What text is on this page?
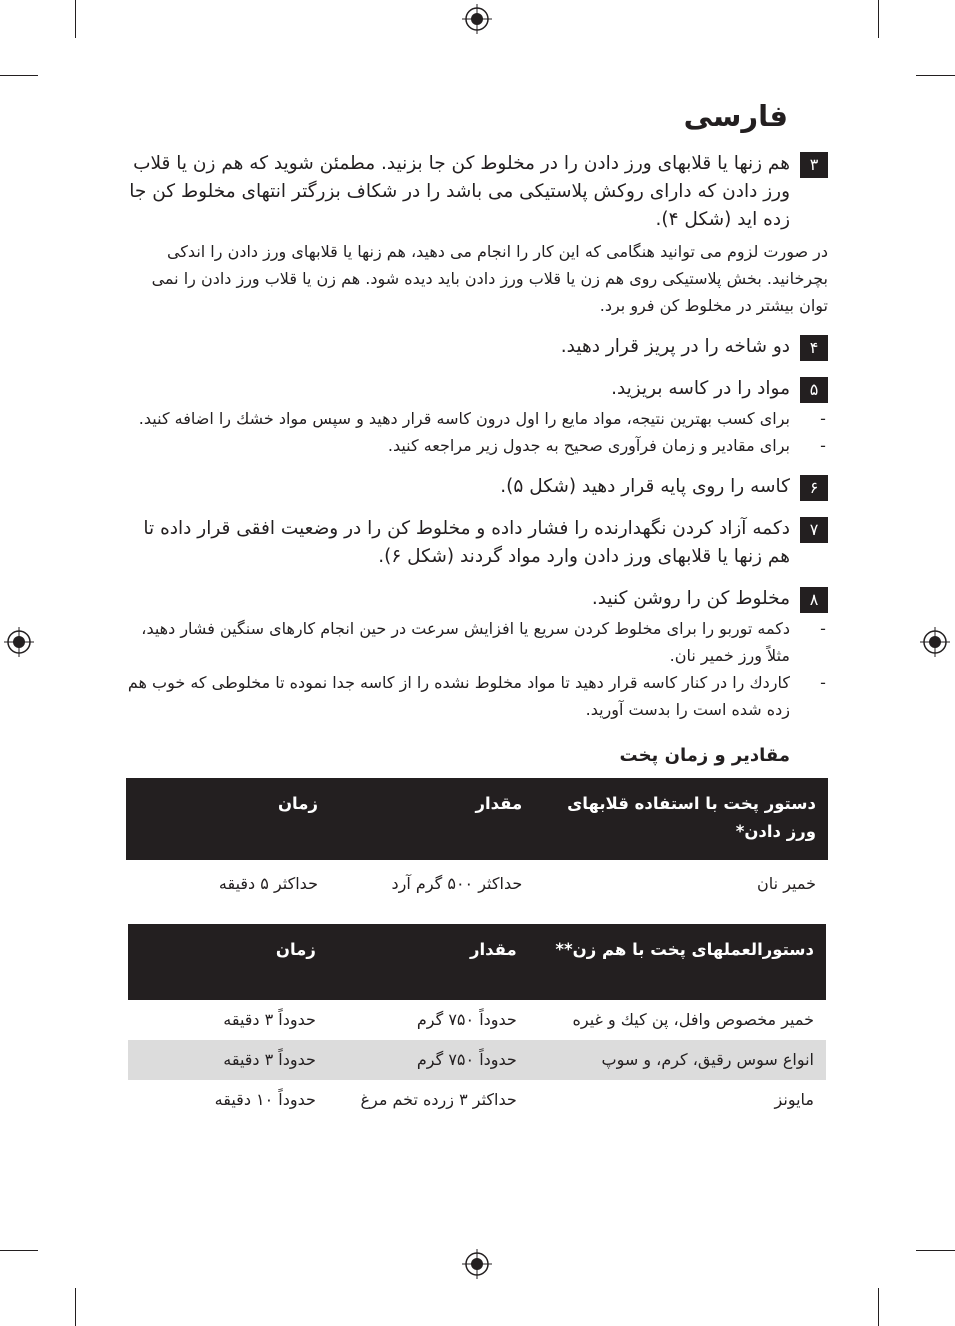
فارسی
۳
هم زنها یا قلابهای ورز دادن را در مخلوط کن جا بزنید. مطمئن شوید که هم زن یا قلاب ورز دادن که دارای روکش پلاستیکی می باشد را در شکاف بزرگتر انتهای مخلوط کن جا زده اید (شکل ۴).
در صورت لزوم می توانید هنگامی که این کار را انجام می دهید، هم زنها یا قلابهای ورز دادن را اندکی بچرخانید. بخش پلاستیکی روی هم زن یا قلاب ورز دادن باید دیده شود. هم زن یا قلاب ورز دادن را نمی توان بیشتر در مخلوط کن فرو برد.
۴
دو شاخه را در پریز قرار دهید.
۵
مواد را در کاسه بریزید.
-
برای کسب بهترین نتیجه، مواد مایع را اول درون کاسه قرار دهید و سپس مواد خشك را اضافه کنید.
-
برای مقادیر و زمان فرآوری صحیح به جدول زیر مراجعه کنید.
۶
کاسه را روی پایه قرار دهید (شکل ۵).
۷
دکمه آزاد کردن نگهدارنده را فشار داده و مخلوط کن را در وضعیت افقی قرار داده تا هم زنها یا قلابهای ورز دادن وارد مواد گردند (شکل ۶).
۸
مخلوط کن را روشن کنید.
-
دکمه توربو را برای مخلوط کردن سریع یا افزایش سرعت در حین انجام کارهای سنگین فشار دهید، مثلاً ورز خمیر نان.
-
کاردك را در کنار کاسه قرار دهید تا مواد مخلوط نشده را از کاسه جدا نموده تا مخلوطی که خوب هم زده شده است را بدست آورید.
مقادیر و زمان پخت
دستور پخت با استفاده قلابهای ورز دادن*	مقدار	زمان
خمیر نان	حداکثر ۵۰۰ گرم آرد	حداکثر ۵ دقیقه
دستورالعملهای پخت با هم زن**	مقدار	زمان
خمیر مخصوص وافل، پن كيك و غيره	حدوداً ۷۵۰ گرم	حدوداً ۳ دقيقه
انواع سوس رقيق، كرم، و سوپ	حدوداً ۷۵۰ گرم	حدوداً ۳ دقيقه
مايونز	حداکثر ۳ زرده تخم مرغ	حدوداً ۱۰ دقيقه
